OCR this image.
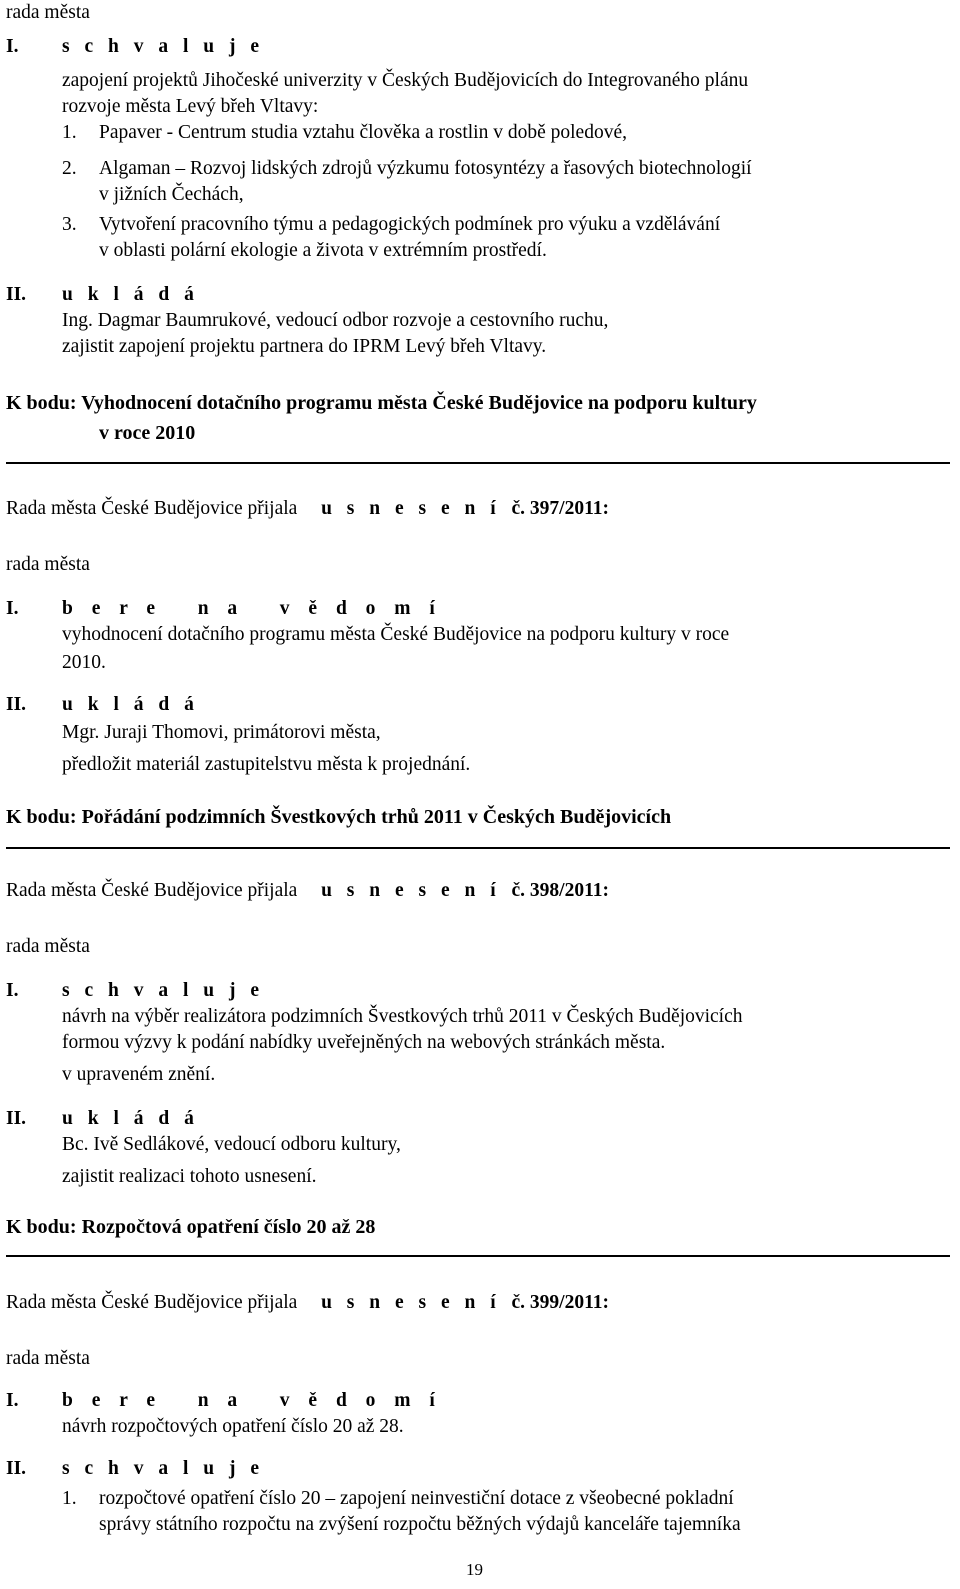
rada města
I. s c h v a l u j e
zapojení projektů Jihočeské univerzity v Českých Budějovicích do Integrovaného plánu
rozvoje města Levý břeh Vltavy:
1. Papaver - Centrum studia vztahu člověka a rostlin v době poledové,
2. Algaman – Rozvoj lidských zdrojů výzkumu fotosyntézy a řasových biotechnologií
v jižních Čechách,
3. Vytvoření pracovního týmu a pedagogických podmínek pro výuku a vzdělávání
v oblasti polární ekologie a života v extrémním prostředí.
II. u k l á d á
Ing. Dagmar Baumrukové, vedoucí odbor rozvoje a cestovního ruchu,
zajistit zapojení projektu partnera do IPRM Levý břeh Vltavy.
K bodu: Vyhodnocení dotačního programu města České Budějovice na podporu kultury
v roce 2010
Rada města České Budějovice přijala u s n e s e n í č. 397/2011:
rada města
I. b e r e   n a   v ě d o m í
vyhodnocení dotačního programu města České Budějovice na podporu kultury v roce
2010.
II. u k l á d á
Mgr. Juraji Thomovi, primátorovi města,
předložit materiál zastupitelstvu města k projednání.
K bodu: Pořádání podzimních Švestkových trhů 2011 v Českých Budějovicích
Rada města České Budějovice přijala u s n e s e n í č. 398/2011:
rada města
I. s c h v a l u j e
návrh na výběr realizátora podzimních Švestkových trhů 2011 v Českých Budějovicích
formou výzvy k podání nabídky uveřejněných na webových stránkách města.
v upraveném znění.
II. u k l á d á
Bc. Ivě Sedlákové, vedoucí odboru kultury,
zajistit realizaci tohoto usnesení.
K bodu: Rozpočtová opatření číslo 20 až 28
Rada města České Budějovice přijala u s n e s e n í č. 399/2011:
rada města
I. b e r e   n a   v ě d o m í
návrh rozpočtových opatření číslo 20 až 28.
II. s c h v a l u j e
1. rozpočtové opatření číslo 20 – zapojení neinvestiční dotace z všeobecné pokladní
správy státního rozpočtu na zvýšení rozpočtu běžných výdajů kanceláře tajemníka
19
